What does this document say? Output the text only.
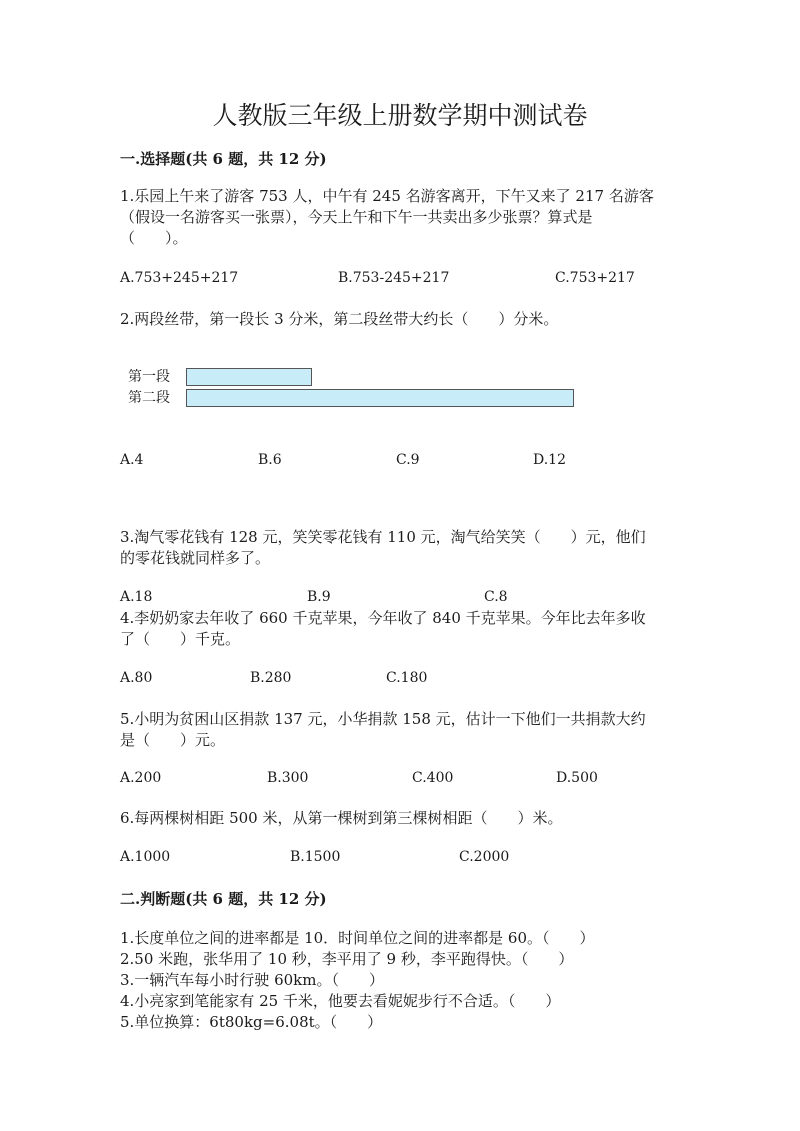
人教版三年级上册数学期中测试卷
一.选择题(共 6 题，共 12 分)
1.乐园上午来了游客 753 人，中午有 245 名游客离开，下午又来了 217 名游客
（假设一名游客买一张票），今天上午和下午一共卖出多少张票？算式是
（　　）。
A.753+245+217	B.753-245+217	C.753+217
2.两段丝带，第一段长 3 分米，第二段丝带大约长（　　）分米。
第一段
第二段
A.4	B.6	C.9	D.12
3.淘气零花钱有 128 元，笑笑零花钱有 110 元，淘气给笑笑（　　）元，他们
的零花钱就同样多了。
A.18	B.9	C.8
4.李奶奶家去年收了 660 千克苹果，今年收了 840 千克苹果。今年比去年多收
了（　　）千克。
A.80	B.280	C.180
5.小明为贫困山区捐款 137 元，小华捐款 158 元，估计一下他们一共捐款大约
是（　　）元。
A.200	B.300	C.400	D.500
6.每两棵树相距 500 米，从第一棵树到第三棵树相距（　　）米。
A.1000	B.1500	C.2000
二.判断题(共 6 题，共 12 分)
1.长度单位之间的进率都是 10．时间单位之间的进率都是 60。（　　）
2.50 米跑，张华用了 10 秒，李平用了 9 秒，李平跑得快。（　　）
3.一辆汽车每小时行驶 60km。（　　）
4.小亮家到笔能家有 25 千米，他要去看妮妮步行不合适。（　　）
5.单位换算：6t80kg=6.08t。（　　）
